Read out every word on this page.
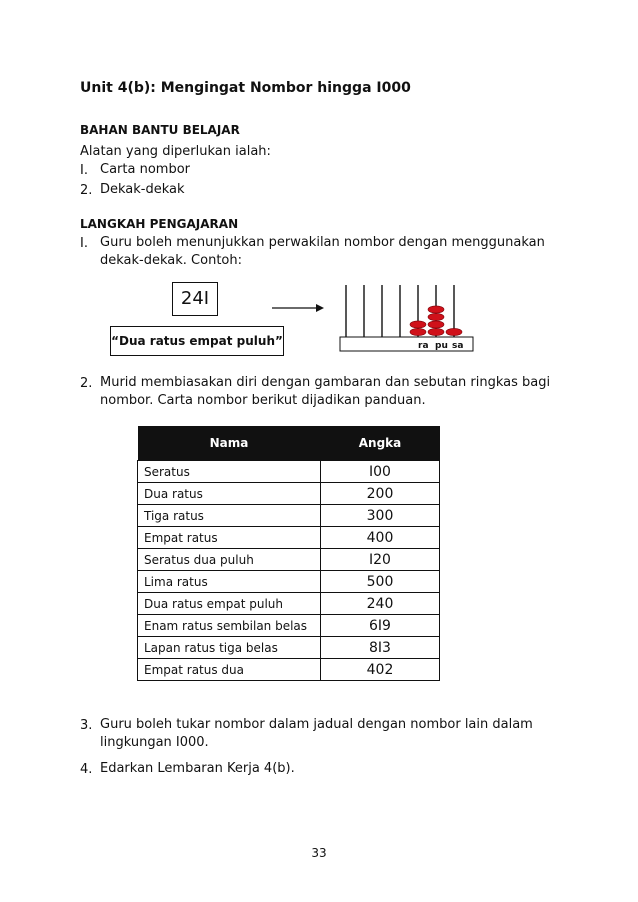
Unit 4(b): Mengingat Nombor hingga I000
BAHAN BANTU BELAJAR
Alatan yang diperlukan ialah:
I. Carta nombor
2. Dekak-dekak
LANGKAH PENGAJARAN
I. Guru boleh menunjukkan perwakilan nombor dengan menggunakan
dekak-dekak. Contoh:
24I
“Dua ratus empat puluh”	ra pu sa
2. Murid membiasakan diri dengan gambaran dan sebutan ringkas bagi
nombor. Carta nombor berikut dijadikan panduan.
Nama	Angka
Seratus	I00
Dua ratus	200
Tiga ratus	300
Empat ratus	400
Seratus dua puluh	I20
Lima ratus	500
Dua ratus empat puluh	240
Enam ratus sembilan belas	6I9
Lapan ratus tiga belas	8I3
Empat ratus dua	402
3. Guru boleh tukar nombor dalam jadual dengan nombor lain dalam
lingkungan I000.
4. Edarkan Lembaran Kerja 4(b).
33
